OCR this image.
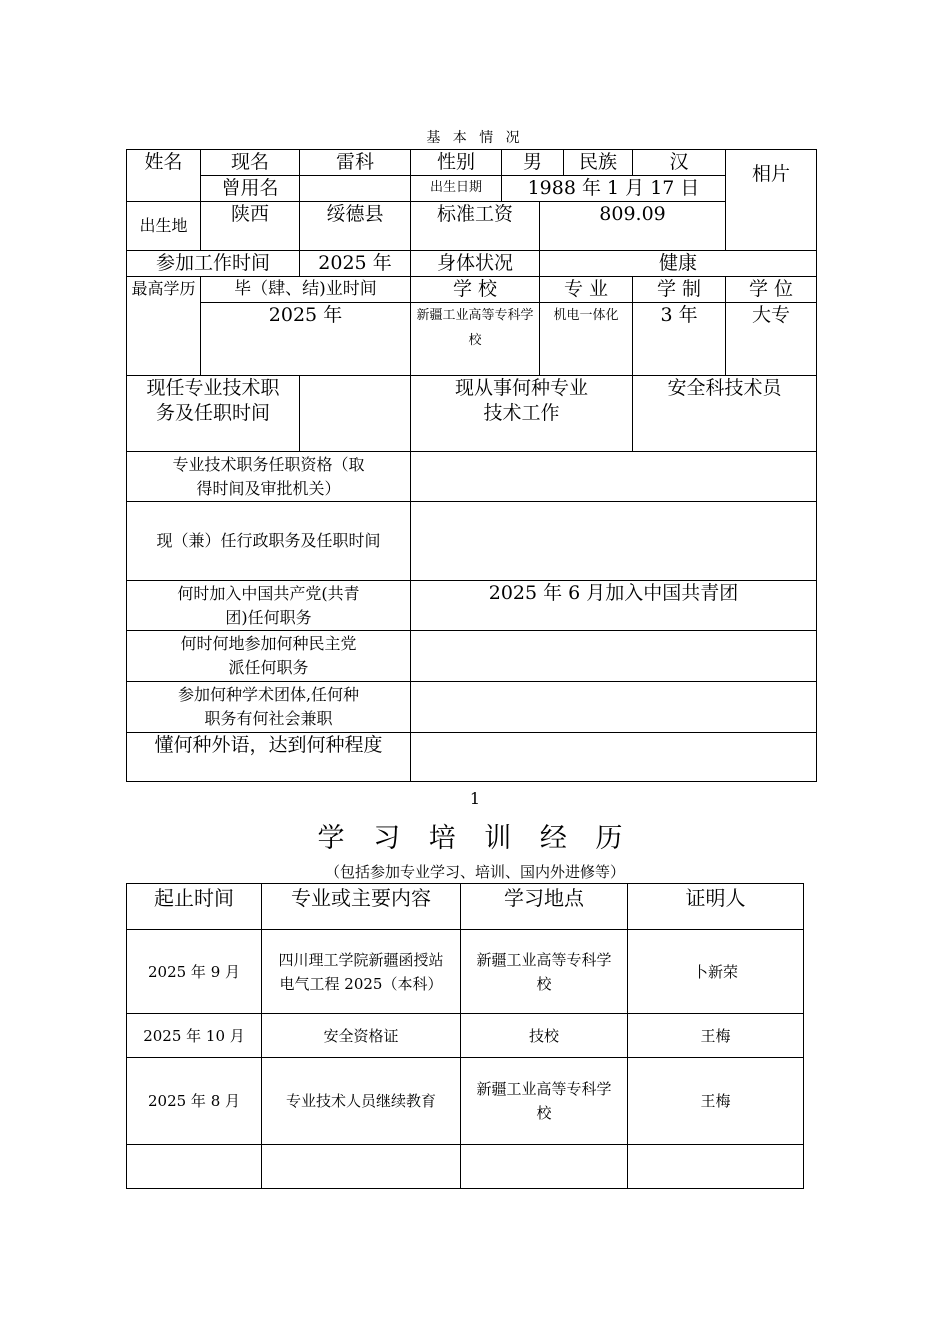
基 本 情 况
姓名	现名	雷科	性别	男		民族	汉	相片
	曾用名		出生日期	1988 年 1 月 17 日				
出生地	陕西	绥德县	标准工资		809.09			
参加工作时间		2025 年	身体状况		健康			
最高学历	毕（肆、结)业时间		学 校		专 业		学 制	学 位
	2025 年		新疆工业高等专科学校		机电一体化		3 年	大专
现任专业技术职务及任职时间			现从事何种专业技术工作				安全科技术员	
专业技术职务任职资格（取得时间及审批机关）								
现（兼）任行政职务及任职时间								
何时加入中国共产党(共青团)任何职务			2025 年 6 月加入中国共青团					
何时何地参加何种民主党派任何职务								
参加何种学术团体,任何种职务有何社会兼职								
懂何种外语，达到何种程度								
1
学 习 培 训 经 历
（包括参加专业学习、培训、国内外进修等）
起止时间	专业或主要内容	学习地点	证明人
2025 年 9 月	四川理工学院新疆函授站电气工程 2025（本科）	新疆工业高等专科学校	卜新荣
2025 年 10 月	安全资格证	技校	王梅
2025 年 8 月	专业技术人员继续教育	新疆工业高等专科学校	王梅
